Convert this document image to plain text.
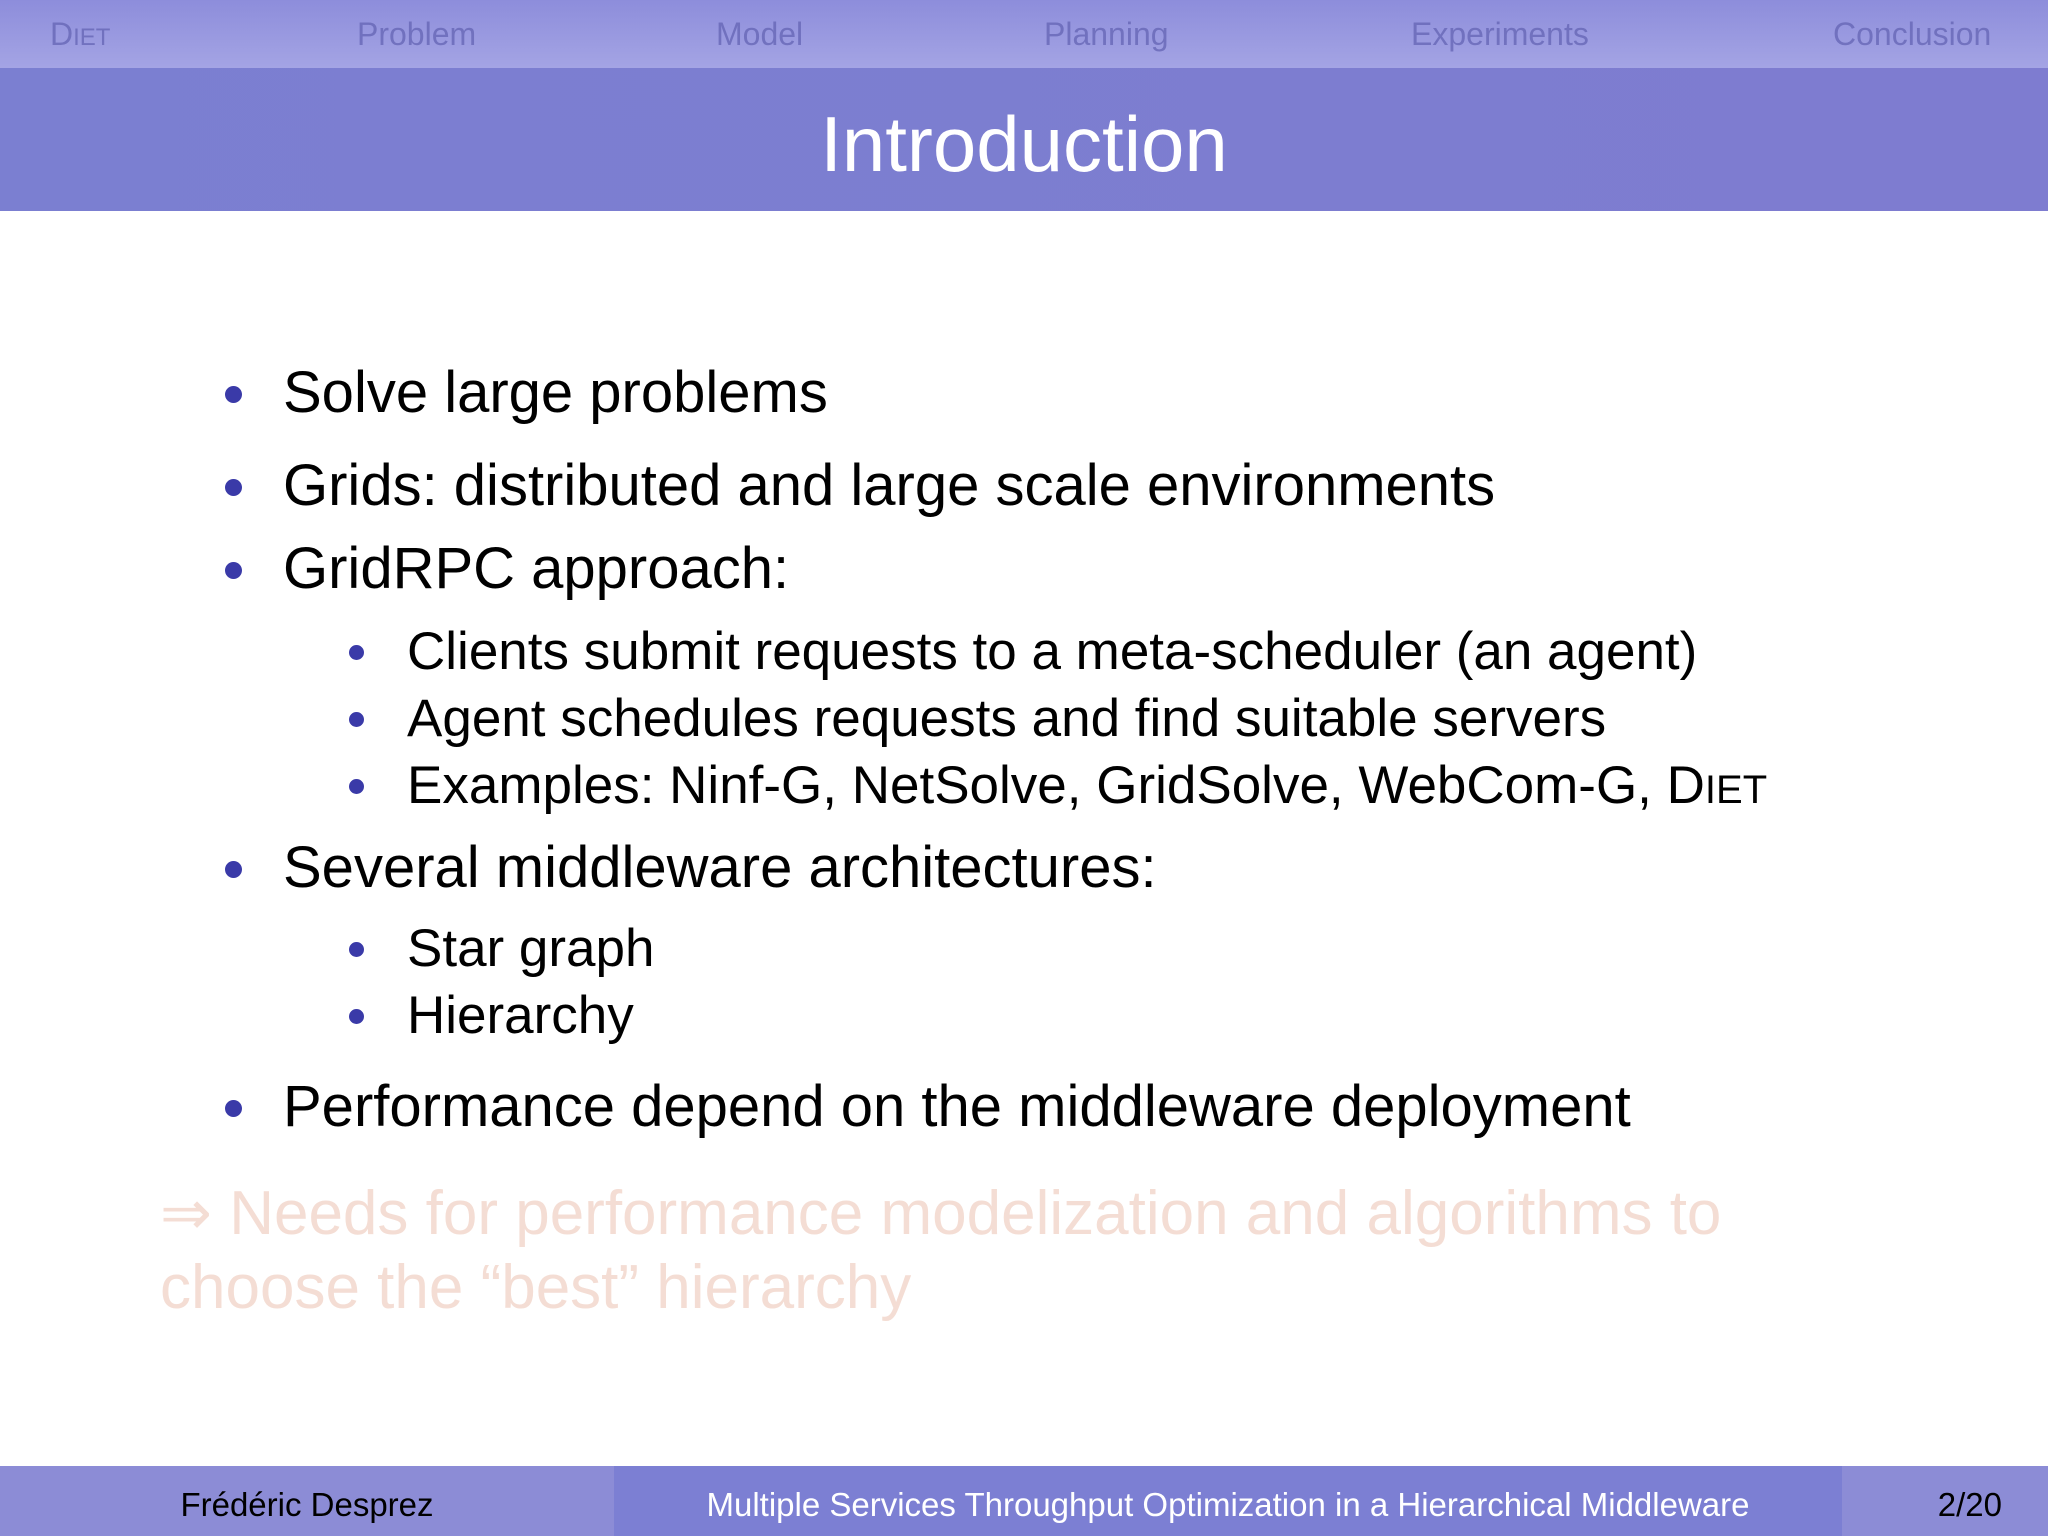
DIET	Problem	Model	Planning	Experiments	Conclusion
Introduction
Solve large problems
Grids: distributed and large scale environments
GridRPC approach:
Clients submit requests to a meta-scheduler (an agent)
Agent schedules requests and find suitable servers
Examples: Ninf-G, NetSolve, GridSolve, WebCom-G, DIET
Several middleware architectures:
Star graph
Hierarchy
Performance depend on the middleware deployment
⇒ Needs for performance modelization and algorithms to choose the “best” hierarchy
Frédéric Desprez	Multiple Services Throughput Optimization in a Hierarchical Middleware	2/20
